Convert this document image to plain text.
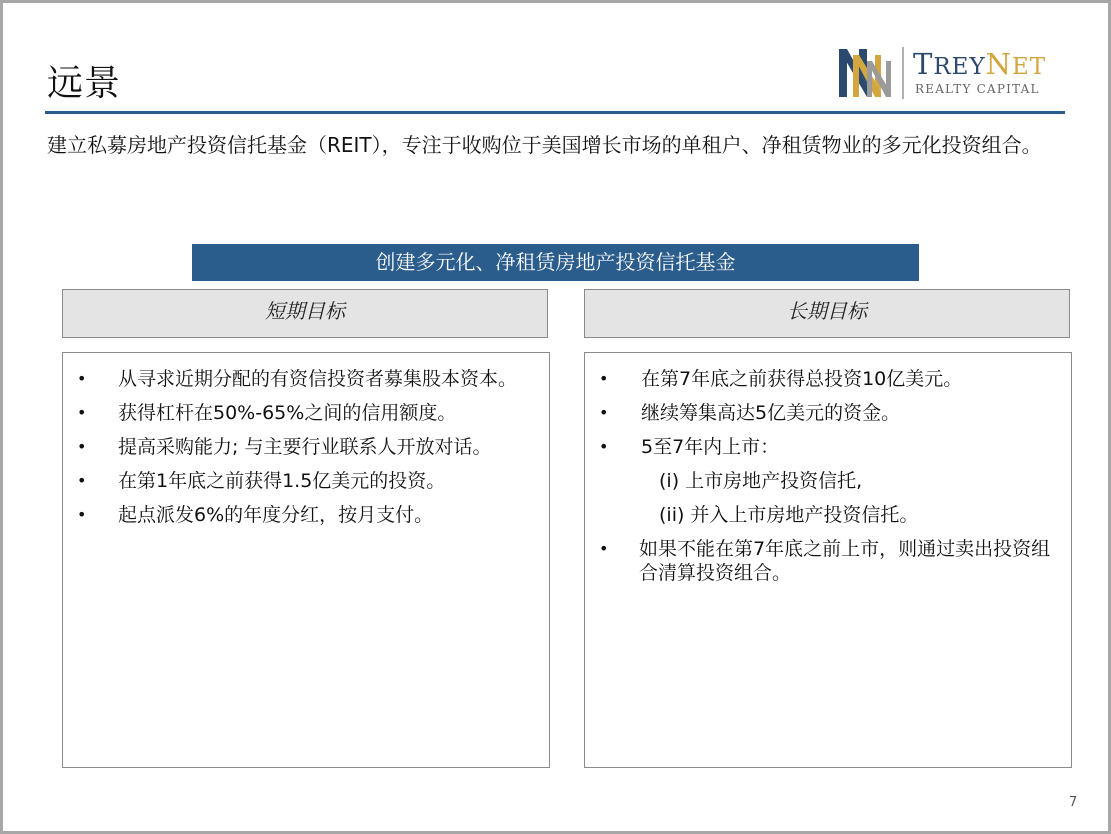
远景	TREYNET
REALTY CAPITAL
建立私募房地产投资信托基金（REIT），专注于收购位于美国增长市场的单租户、净租赁物业的多元化投资组合。
创建多元化、净租赁房地产投资信托基金
短期目标	长期目标
• 从寻求近期分配的有资信投资者募集股本资本。
• 获得杠杆在50%-65%之间的信用额度。
• 提高采购能力; 与主要行业联系人开放对话。
• 在第1年底之前获得1.5亿美元的投资。
• 起点派发6%的年度分红，按月支付。
• 在第7年底之前获得总投资10亿美元。
• 继续筹集高达5亿美元的资金。
• 5至7年内上市：
(i) 上市房地产投资信托,
(ii) 并入上市房地产投资信托。
• 如果不能在第7年底之前上市，则通过卖出投资组合清算投资组合。
7
